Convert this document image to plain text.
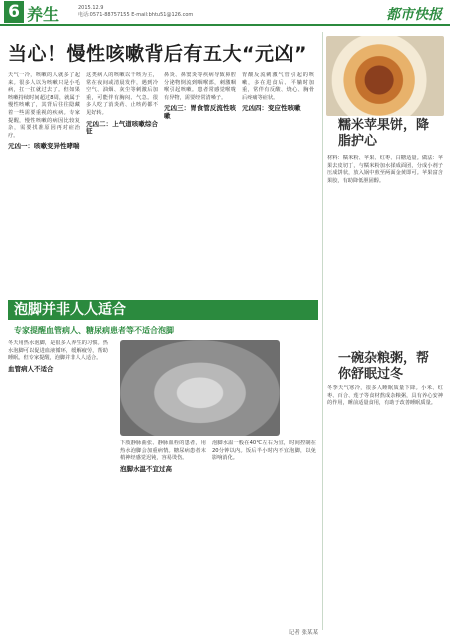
6 养生	2015.12.9
电话:0571-88757155 E-mail:bhtu51@126.com	都市快报
当心！慢性咳嗽背后有五大“元凶”
天气一冷，咳嗽的人就多了起来。很多人以为咳嗽只是小毛病，扛一扛就过去了。但如果咳嗽持续时间超过8周，就属于慢性咳嗽了，其背后往往隐藏着一些需要重视的疾病。专家提醒，慢性咳嗽的病因比较复杂，需要找准原因再对症治疗。
元凶一：咳嗽变异性哮喘
这类病人的咳嗽以干咳为主，常在夜间或清晨发作，遇到冷空气、油烟、灰尘等刺激后加重，可能伴有胸闷、气急。很多人吃了消炎药、止咳药都不见好转。
元凶二：上气道咳嗽综合征
鼻炎、鼻窦炎等疾病导致鼻腔分泌物倒流到咽喉部，刺激咽喉引起咳嗽。患者常感觉喉咙有异物，需要经常清嗓子。
元凶三：胃食管反流性咳嗽
胃酸反流刺激气管引起的咳嗽，多在进食后、平躺时加重，常伴有反酸、烧心、胸骨后疼痛等症状。
元凶四：变应性咳嗽
糯米苹果饼，降脂护心
材料：糯米粉、苹果、红枣、白糖适量。做法：苹果去皮切丁，与糯米粉加水揉成面团，分成小剂子压成饼状，放入锅中煎至两面金黄即可。苹果富含果胶，有助降低胆固醇。
一碗杂粮粥，帮你舒眠过冬
冬季天气寒冷，很多人睡眠质量下降。小米、红枣、百合、莲子等食材熬成杂粮粥，具有养心安神的作用，睡前适量食用，有助于改善睡眠质量。
泡脚并非人人适合
专家提醒血管病人、糖尿病患者等不适合泡脚
冬天用热水泡脚，是很多人养生的习惯。热水泡脚可以促进血液循环，缓解疲劳，帮助睡眠。但专家提醒，泡脚并非人人适合。
血管病人不适合
下肢静脉曲张、静脉血栓的患者，用热水泡脚会加重病情。糖尿病患者末梢神经感觉迟钝，容易烫伤。
泡脚水温不宜过高
泡脚水温一般在40℃左右为宜，时间控制在20分钟以内。饭后半小时内不宜泡脚，以免影响消化。
记者 张某某
